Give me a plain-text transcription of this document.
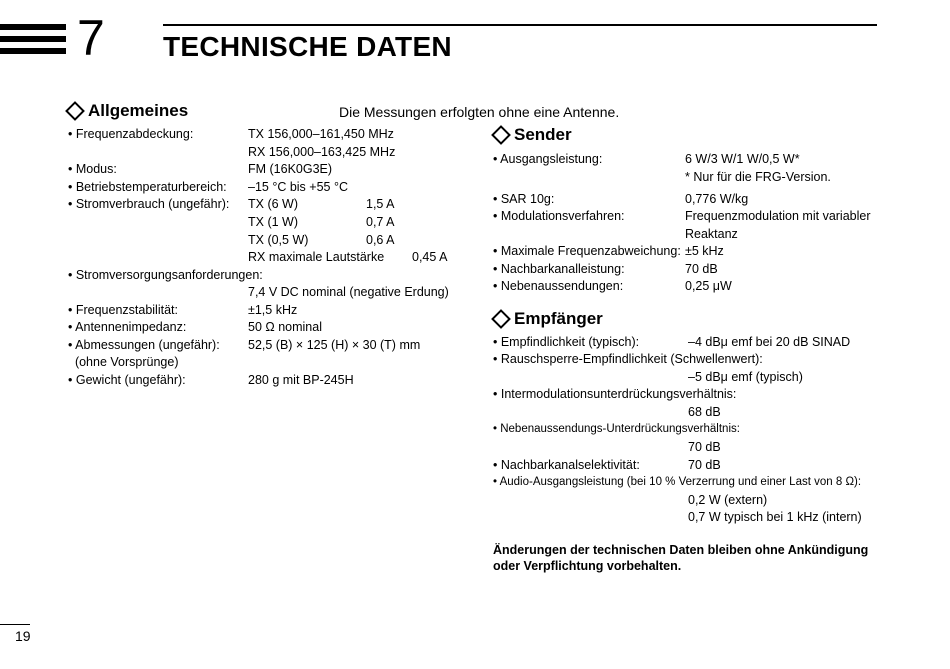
7 TECHNISCHE DATEN
Allgemeines	Die Messungen erfolgten ohne eine Antenne.
• Frequenzabdeckung:	TX 156,000–161,450 MHz
RX 156,000–163,425 MHz
• Modus:	FM (16K0G3E)
• Betriebstemperaturbereich: –15 °C bis +55 °C
• Stromverbrauch (ungefähr): TX (6 W)	1,5 A
TX (1 W)	0,7 A
TX (0,5 W)	0,6 A
RX maximale Lautstärke 0,45 A
• Stromversorgungsanforderungen:
7,4 V DC nominal (negative Erdung)
• Frequenzstabilität:	±1,5 kHz
• Antennenimpedanz:	50 Ω nominal
• Abmessungen (ungefähr): 52,5 (B) × 125 (H) × 30 (T) mm
(ohne Vorsprünge)
• Gewicht (ungefähr):	280 g mit BP-245H
Sender
• Ausgangsleistung:	6 W/3 W/1 W/0,5 W*
* Nur für die FRG-Version.
• SAR 10g:	0,776 W/kg
• Modulationsverfahren:	Frequenzmodulation mit variabler
Reaktanz
• Maximale Frequenzabweichung: ±5 kHz
• Nachbarkanalleistung:	70 dB
• Nebenaussendungen:	0,25 μW
Empfänger
• Empfindlichkeit (typisch):	–4 dBμ emf bei 20 dB SINAD
• Rauschsperre-Empfindlichkeit (Schwellenwert):
–5 dBμ emf (typisch)
• Intermodulationsunterdrückungsverhältnis:
68 dB
• Nebenaussendungs-Unterdrückungsverhältnis:
70 dB
• Nachbarkanalselektivität:	70 dB
• Audio-Ausgangsleistung (bei 10 % Verzerrung und einer Last von 8 Ω):
0,2 W (extern)
0,7 W typisch bei 1 kHz (intern)
Änderungen der technischen Daten bleiben ohne Ankündigung
oder Verpflichtung vorbehalten.
19
